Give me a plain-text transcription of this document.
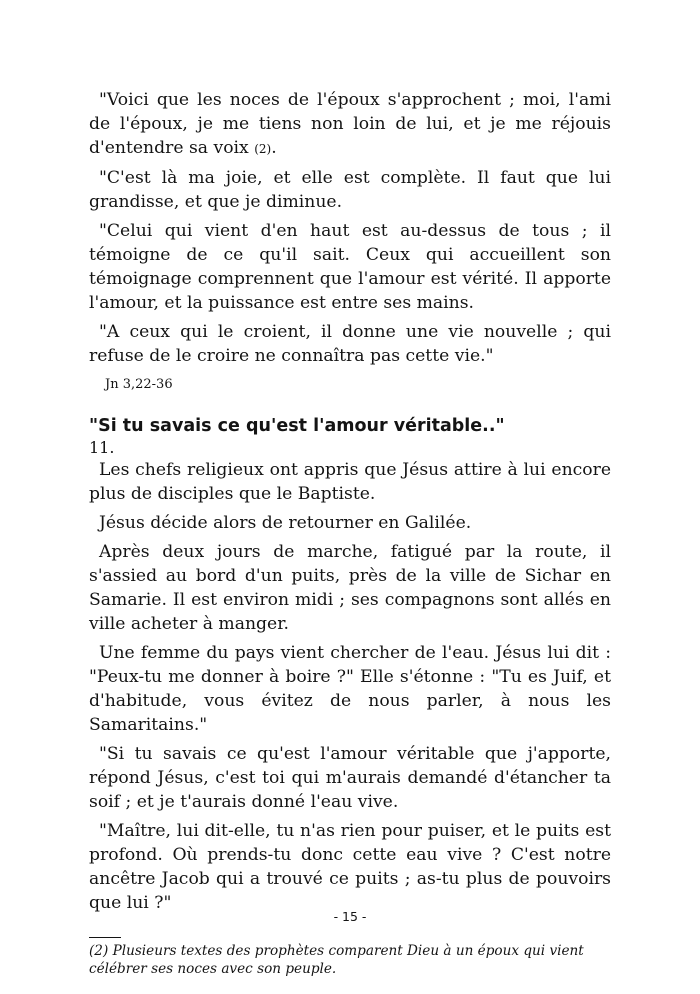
"Voici que les noces de l'époux s'approchent ; moi, l'ami de l'époux, je me tiens non loin de lui, et je me réjouis d'entendre sa voix (2).

"C'est là ma joie, et elle est complète. Il faut que lui grandisse, et que je diminue.

"Celui qui vient d'en haut est au-dessus de tous ; il témoigne de ce qu'il sait. Ceux qui accueillent son témoignage comprennent que l'amour est vérité. Il apporte l'amour, et la puissance est entre ses mains.

"A ceux qui le croient, il donne une vie nouvelle ; qui refuse de le croire ne connaîtra pas cette vie."

Jn 3,22-36
"Si tu savais ce qu'est l'amour véritable.."
11.

Les chefs religieux ont appris que Jésus attire à lui encore plus de disciples que le Baptiste.

Jésus décide alors de retourner en Galilée.

Après deux jours de marche, fatigué par la route, il s'assied au bord d'un puits, près de la ville de Sichar en Samarie. Il est environ midi ; ses compagnons sont allés en ville acheter à manger.

Une femme du pays vient chercher de l'eau. Jésus lui dit : "Peux-tu me donner à boire ?" Elle s'étonne : "Tu es Juif, et d'habitude, vous évitez de nous parler, à nous les Samaritains."

"Si tu savais ce qu'est l'amour véritable que j'apporte, répond Jésus, c'est toi qui m'aurais demandé d'étancher ta soif ; et je t'aurais donné l'eau vive.

"Maître, lui dit-elle, tu n'as rien pour puiser, et le puits est profond. Où prends-tu donc cette eau vive ? C'est notre ancêtre Jacob qui a trouvé ce puits ; as-tu plus de pouvoirs que lui ?"

(2) Plusieurs textes des prophètes comparent Dieu à un époux qui vient célébrer ses noces avec son peuple.

- 15 -
